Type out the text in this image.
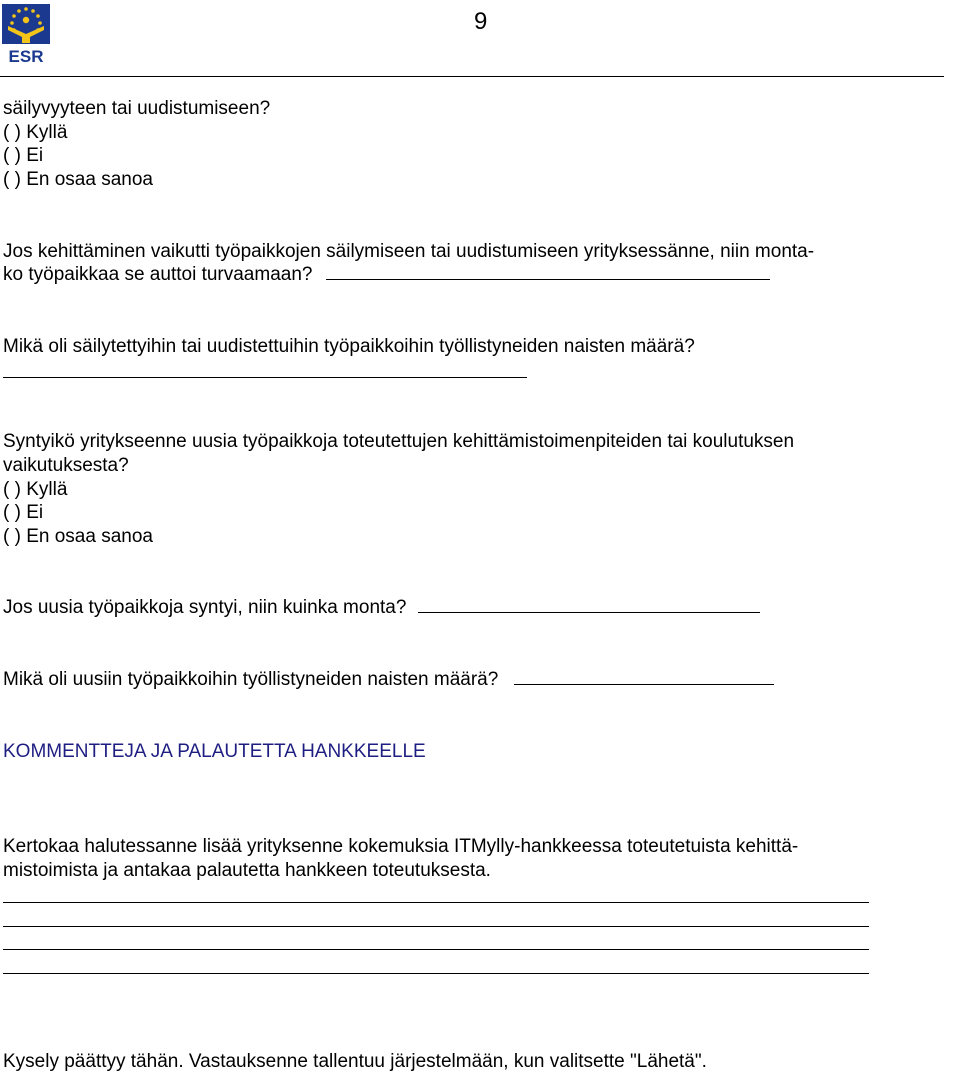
ESR
9
säilyvyyteen tai uudistumiseen?
( ) Kyllä
( ) Ei
( ) En osaa sanoa
Jos kehittäminen vaikutti työpaikkojen säilymiseen tai uudistumiseen yrityksessänne, niin monta-
ko työpaikkaa se auttoi turvaamaan?
Mikä oli säilytettyihin tai uudistettuihin työpaikkoihin työllistyneiden naisten määrä?
Syntyikö yritykseenne uusia työpaikkoja toteutettujen kehittämistoimenpiteiden tai koulutuksen
vaikutuksesta?
( ) Kyllä
( ) Ei
( ) En osaa sanoa
Jos uusia työpaikkoja syntyi, niin kuinka monta?
Mikä oli uusiin työpaikkoihin työllistyneiden naisten määrä?
KOMMENTTEJA JA PALAUTETTA HANKKEELLE
Kertokaa halutessanne lisää yrityksenne kokemuksia ITMylly-hankkeessa toteutetuista kehittä-
mistoimista ja antakaa palautetta hankkeen toteutuksesta.
Kysely päättyy tähän. Vastauksenne tallentuu järjestelmään, kun valitsette "Lähetä".
